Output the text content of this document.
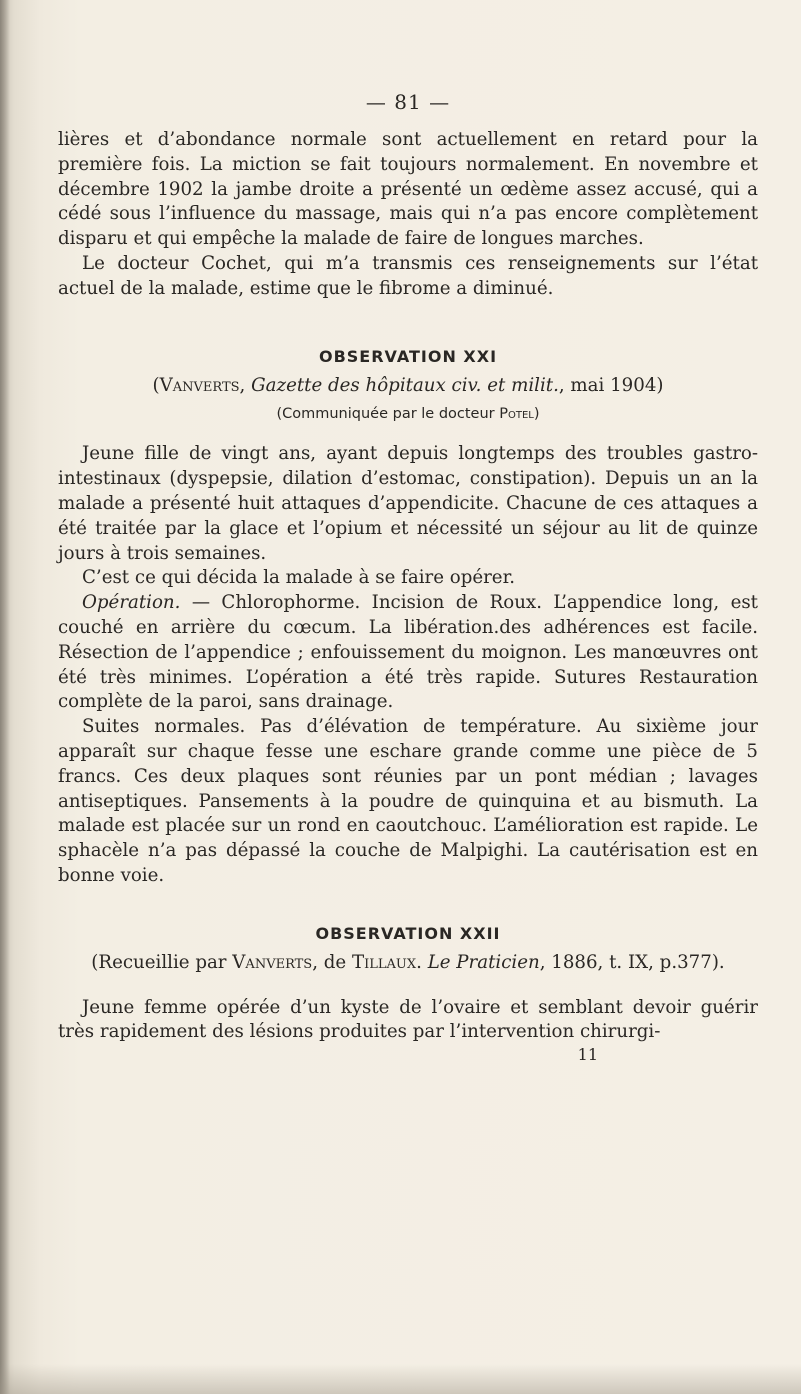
— 81 —

lières et d’abondance normale sont actuellement en retard pour la première fois. La miction se fait toujours normalement. En novembre et décembre 1902 la jambe droite a présenté un œdème assez accusé, qui a cédé sous l’influence du massage, mais qui n’a pas encore complètement disparu et qui empêche la malade de faire de longues marches.

Le docteur Cochet, qui m’a transmis ces renseignements sur l’état actuel de la malade, estime que le fibrome a diminué.

OBSERVATION XXI
(Vanverts, Gazette des hôpitaux civ. et milit., mai 1904)
(Communiquée par le docteur Potel)

Jeune fille de vingt ans, ayant depuis longtemps des troubles gastro-intestinaux (dyspepsie, dilation d’estomac, constipation). Depuis un an la malade a présenté huit attaques d’appendicite. Chacune de ces attaques a été traitée par la glace et l’opium et nécessité un séjour au lit de quinze jours à trois semaines.

C’est ce qui décida la malade à se faire opérer.

Opération. — Chlorophorme. Incision de Roux. L’appendice long, est couché en arrière du cœcum. La libération.des adhérences est facile. Résection de l’appendice ; enfouissement du moignon. Les manœuvres ont été très minimes. L’opération a été très rapide. Sutures Restauration complète de la paroi, sans drainage.

Suites normales. Pas d’élévation de température. Au sixième jour apparaît sur chaque fesse une eschare grande comme une pièce de 5 francs. Ces deux plaques sont réunies par un pont médian ; lavages antiseptiques. Pansements à la poudre de quinquina et au bismuth. La malade est placée sur un rond en caoutchouc. L’amélioration est rapide. Le sphacèle n’a pas dépassé la couche de Malpighi. La cautérisation est en bonne voie.

OBSERVATION XXII
(Recueillie par Vanverts, de Tillaux. Le Praticien, 1886, t. IX, p.377).

Jeune femme opérée d’un kyste de l’ovaire et semblant devoir guérir très rapidement des lésions produites par l’intervention chirurgi-

11
